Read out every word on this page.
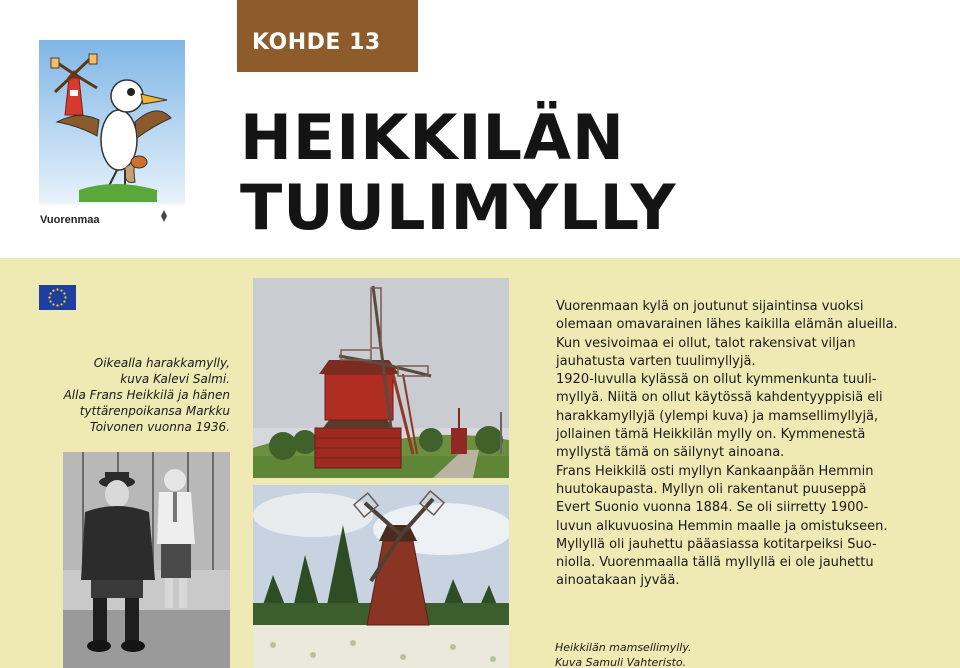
Vuorenmaa
KOHDE 13
HEIKKILÄN
TUULIMYLLY
Oikealla harakkamylly,
kuva Kalevi Salmi.
Alla Frans Heikkilä ja hänen
tyttärenpoikansa Markku
Toivonen vuonna 1936.
Vuorenmaan kylä on joutunut sijaintinsa vuoksi
olemaan omavarainen lähes kaikilla elämän alueilla.
Kun vesivoimaa ei ollut, talot rakensivat viljan
jauhatusta varten tuulimyllyjä.
1920-luvulla kylässä on ollut kymmenkunta tuuli-
myllyä. Niitä on ollut käytössä kahdentyyppisiä eli
harakkamyllyjä (ylempi kuva) ja mamsellimyllyjä,
jollainen tämä Heikkilän mylly on. Kymmenestä
myllystä tämä on säilynyt ainoana.
Frans Heikkilä osti myllyn Kankaanpään Hemmin
huutokaupasta. Myllyn oli rakentanut puuseppä
Evert Suonio vuonna 1884. Se oli siirretty 1900-
luvun alkuvuosina Hemmin maalle ja omistukseen.
Myllyllä oli jauhettu pääasiassa kotitarpeiksi Suo-
niolla. Vuorenmaalla tällä myllyllä ei ole jauhettu
ainoatakaan jyvää.
Heikkilän mamsellimylly.
Kuva Samuli Vahteristo.
